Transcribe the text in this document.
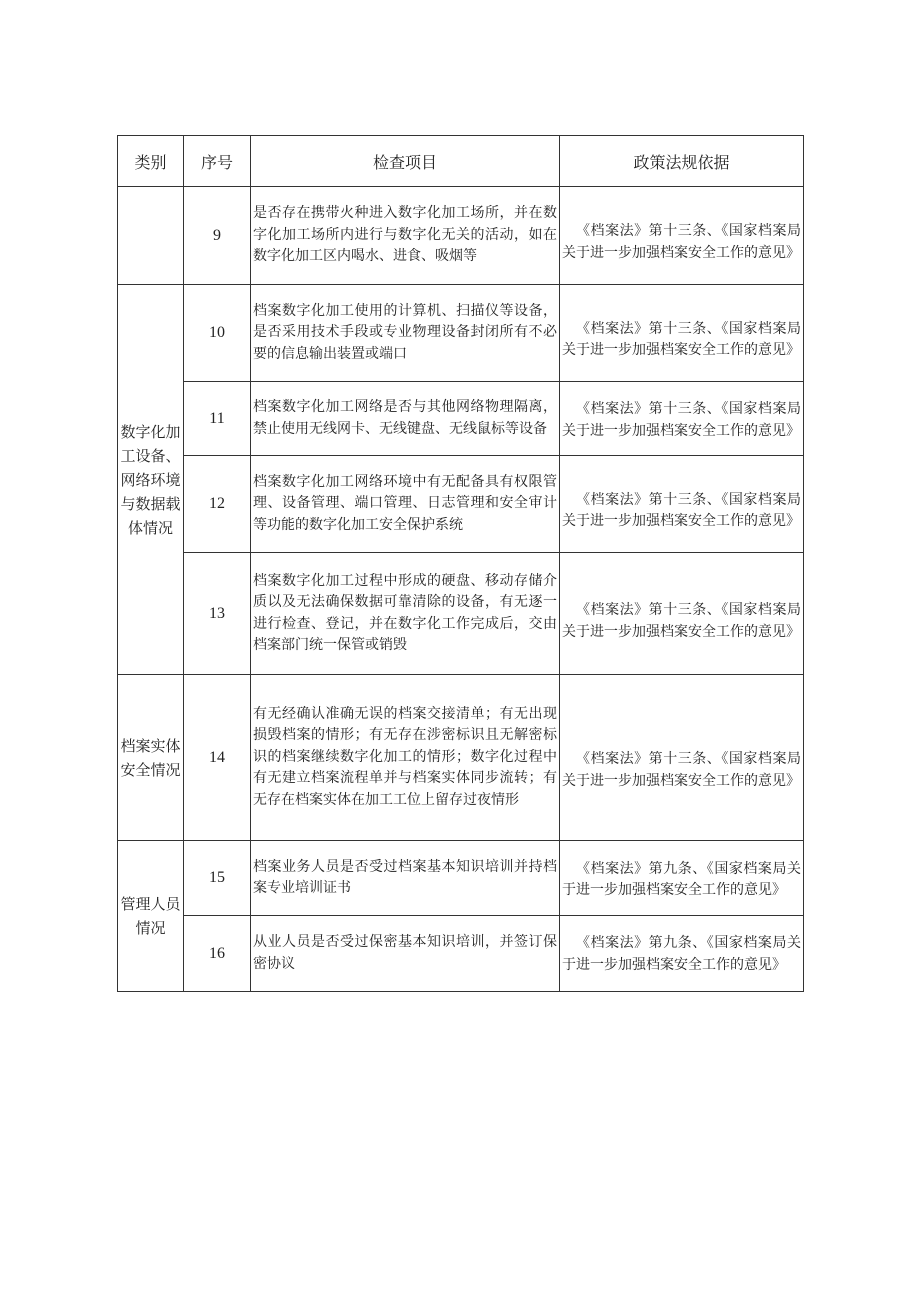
类别	序号	检查项目	政策法规依据
	9	是否存在携带火种进入数字化加工场所，并在数字化加工场所内进行与数字化无关的活动，如在数字化加工区内喝水、进食、吸烟等	《档案法》第十三条、《国家档案局关于进一步加强档案安全工作的意见》

数字化加工设备、网络环境与数据载体情况	10	档案数字化加工使用的计算机、扫描仪等设备，是否采用技术手段或专业物理设备封闭所有不必要的信息输出装置或端口	《档案法》第十三条、《国家档案局关于进一步加强档案安全工作的意见》

	11	档案数字化加工网络是否与其他网络物理隔离，禁止使用无线网卡、无线键盘、无线鼠标等设备	《档案法》第十三条、《国家档案局关于进一步加强档案安全工作的意见》

	12	档案数字化加工网络环境中有无配备具有权限管理、设备管理、端口管理、日志管理和安全审计等功能的数字化加工安全保护系统	《档案法》第十三条、《国家档案局关于进一步加强档案安全工作的意见》

	13	档案数字化加工过程中形成的硬盘、移动存储介质以及无法确保数据可靠清除的设备，有无逐一进行检查、登记，并在数字化工作完成后，交由档案部门统一保管或销毁	《档案法》第十三条、《国家档案局关于进一步加强档案安全工作的意见》

档案实体安全情况	14	有无经确认准确无误的档案交接清单；有无出现损毁档案的情形；有无存在涉密标识且无解密标识的档案继续数字化加工的情形；数字化过程中有无建立档案流程单并与档案实体同步流转；有无存在档案实体在加工工位上留存过夜情形	《档案法》第十三条、《国家档案局关于进一步加强档案安全工作的意见》

管理人员情况	15	档案业务人员是否受过档案基本知识培训并持档案专业培训证书	《档案法》第九条、《国家档案局关于进一步加强档案安全工作的意见》

	16	从业人员是否受过保密基本知识培训，并签订保密协议	《档案法》第九条、《国家档案局关于进一步加强档案安全工作的意见》
